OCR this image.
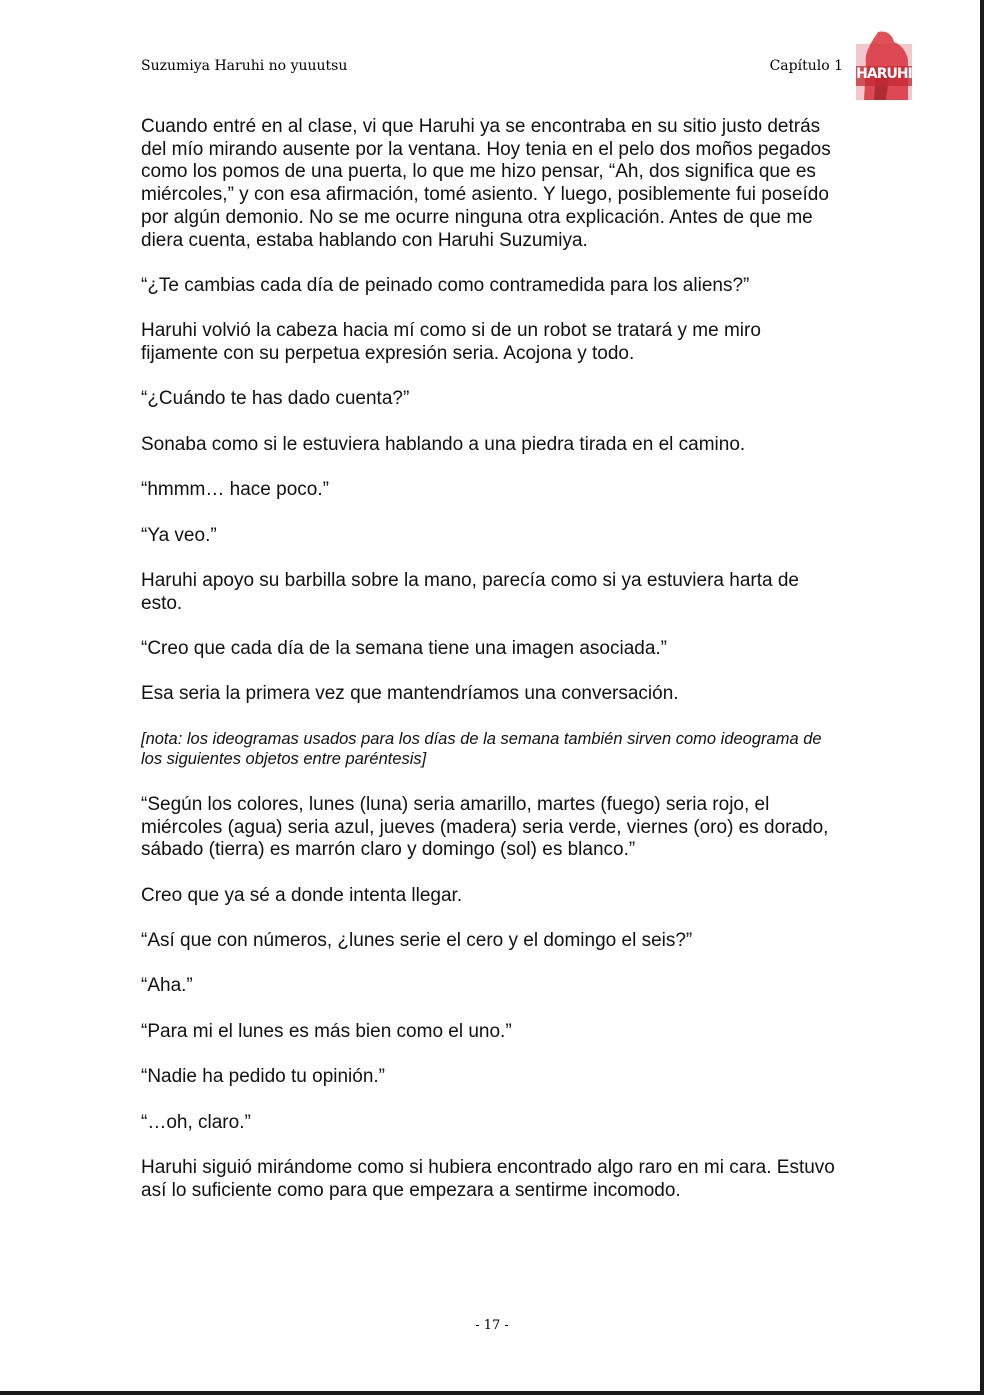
Suzumiya Haruhi no yuuutsu	Capítulo 1 HARUHI

Cuando entré en al clase, vi que Haruhi ya se encontraba en su sitio justo detrás del mío mirando ausente por la ventana. Hoy tenia en el pelo dos moños pegados como los pomos de una puerta, lo que me hizo pensar, “Ah, dos significa que es miércoles,” y con esa afirmación, tomé asiento. Y luego, posiblemente fui poseído por algún demonio. No se me ocurre ninguna otra explicación. Antes de que me diera cuenta, estaba hablando con Haruhi Suzumiya.

“¿Te cambias cada día de peinado como contramedida para los aliens?”

Haruhi volvió la cabeza hacia mí como si de un robot se tratará y me miro fijamente con su perpetua expresión seria. Acojona y todo.

“¿Cuándo te has dado cuenta?”

Sonaba como si le estuviera hablando a una piedra tirada en el camino.

“hmmm… hace poco.”

“Ya veo.”

Haruhi apoyo su barbilla sobre la mano, parecía como si ya estuviera harta de esto.

“Creo que cada día de la semana tiene una imagen asociada.”

Esa seria la primera vez que mantendríamos una conversación.

[nota: los ideogramas usados para los días de la semana también sirven como ideograma de los siguientes objetos entre paréntesis]

“Según los colores, lunes (luna) seria amarillo, martes (fuego) seria rojo, el miércoles (agua) seria azul, jueves (madera) seria verde, viernes (oro) es dorado, sábado (tierra) es marrón claro y domingo (sol) es blanco.”

Creo que ya sé a donde intenta llegar.

“Así que con números, ¿lunes serie el cero y el domingo el seis?”

“Aha.”

“Para mi el lunes es más bien como el uno.”

“Nadie ha pedido tu opinión.”

“…oh, claro.”

Haruhi siguió mirándome como si hubiera encontrado algo raro en mi cara. Estuvo así lo suficiente como para que empezara a sentirme incomodo.

- 17 -
